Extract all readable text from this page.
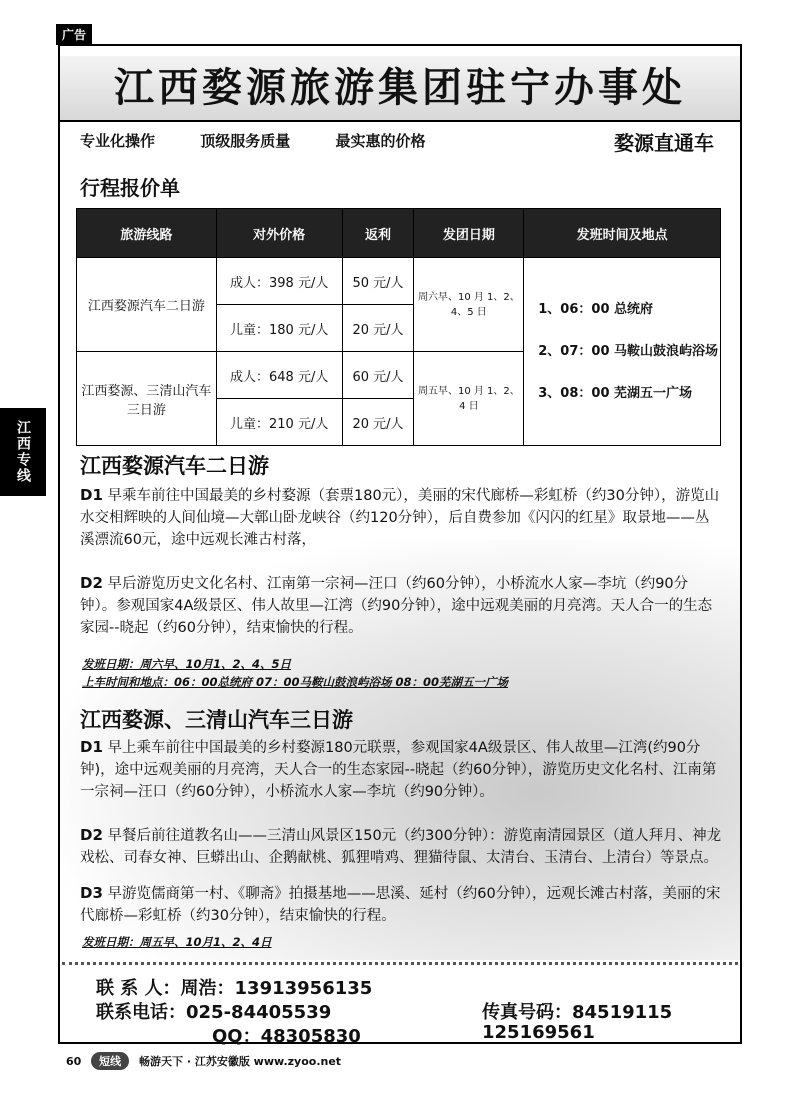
广告
江西专线
江西婺源旅游集团驻宁办事处
专业化操作	顶级服务质量	最实惠的价格	婺源直通车
行程报价单
旅游线路	对外价格	返利	发团日期	发班时间及地点
江西婺源汽车二日游	成人：398 元/人	50 元/人	周六早、10 月 1、2、4、5 日	1、06：00 总统府
2、07：00 马鞍山鼓浪屿浴场
3、08：00 芜湖五一广场

	儿童：180 元/人	20 元/人		
江西婺源、三清山汽车三日游	成人：648 元/人	60 元/人	周五早、10 月 1、2、4 日	
	儿童：210 元/人	20 元/人		
江西婺源汽车二日游
D1 早乘车前往中国最美的乡村婺源（套票180元），美丽的宋代廊桥—彩虹桥（约30分钟），游览山水交相辉映的人间仙境—大鄣山卧龙峡谷（约120分钟），后自费参加《闪闪的红星》取景地——丛溪漂流60元，途中远观长滩古村落，
D2 早后游览历史文化名村、江南第一宗祠—汪口（约60分钟），小桥流水人家—李坑（约90分钟）。参观国家4A级景区、伟人故里—江湾（约90分钟），途中远观美丽的月亮湾。天人合一的生态家园--晓起（约60分钟），结束愉快的行程。
发班日期：周六早、10月1、2、4、5日
上车时间和地点：06：00总统府 07：00马鞍山鼓浪屿浴场 08：00芜湖五一广场
江西婺源、三清山汽车三日游
D1 早上乘车前往中国最美的乡村婺源180元联票，参观国家4A级景区、伟人故里—江湾(约90分钟)，途中远观美丽的月亮湾，天人合一的生态家园--晓起（约60分钟），游览历史文化名村、江南第一宗祠—汪口（约60分钟），小桥流水人家—李坑（约90分钟）。
D2 早餐后前往道教名山——三清山风景区150元（约300分钟）：游览南清园景区（道人拜月、神龙戏松、司春女神、巨蟒出山、企鹅献桃、狐狸啃鸡、狸猫待鼠、太清台、玉清台、上清台）等景点。
D3 早游览儒商第一村、《聊斋》拍摄基地——思溪、延村（约60分钟），远观长滩古村落，美丽的宋代廊桥—彩虹桥（约30分钟），结束愉快的行程。
发班日期：周五早、10月1、2、4日
联 系 人：周浩：13913956135
联系电话：025-84405539	传真号码：84519115
QQ：48305830	125169561
60 短线 畅游天下 · 江苏安徽版 www.zyoo.net
